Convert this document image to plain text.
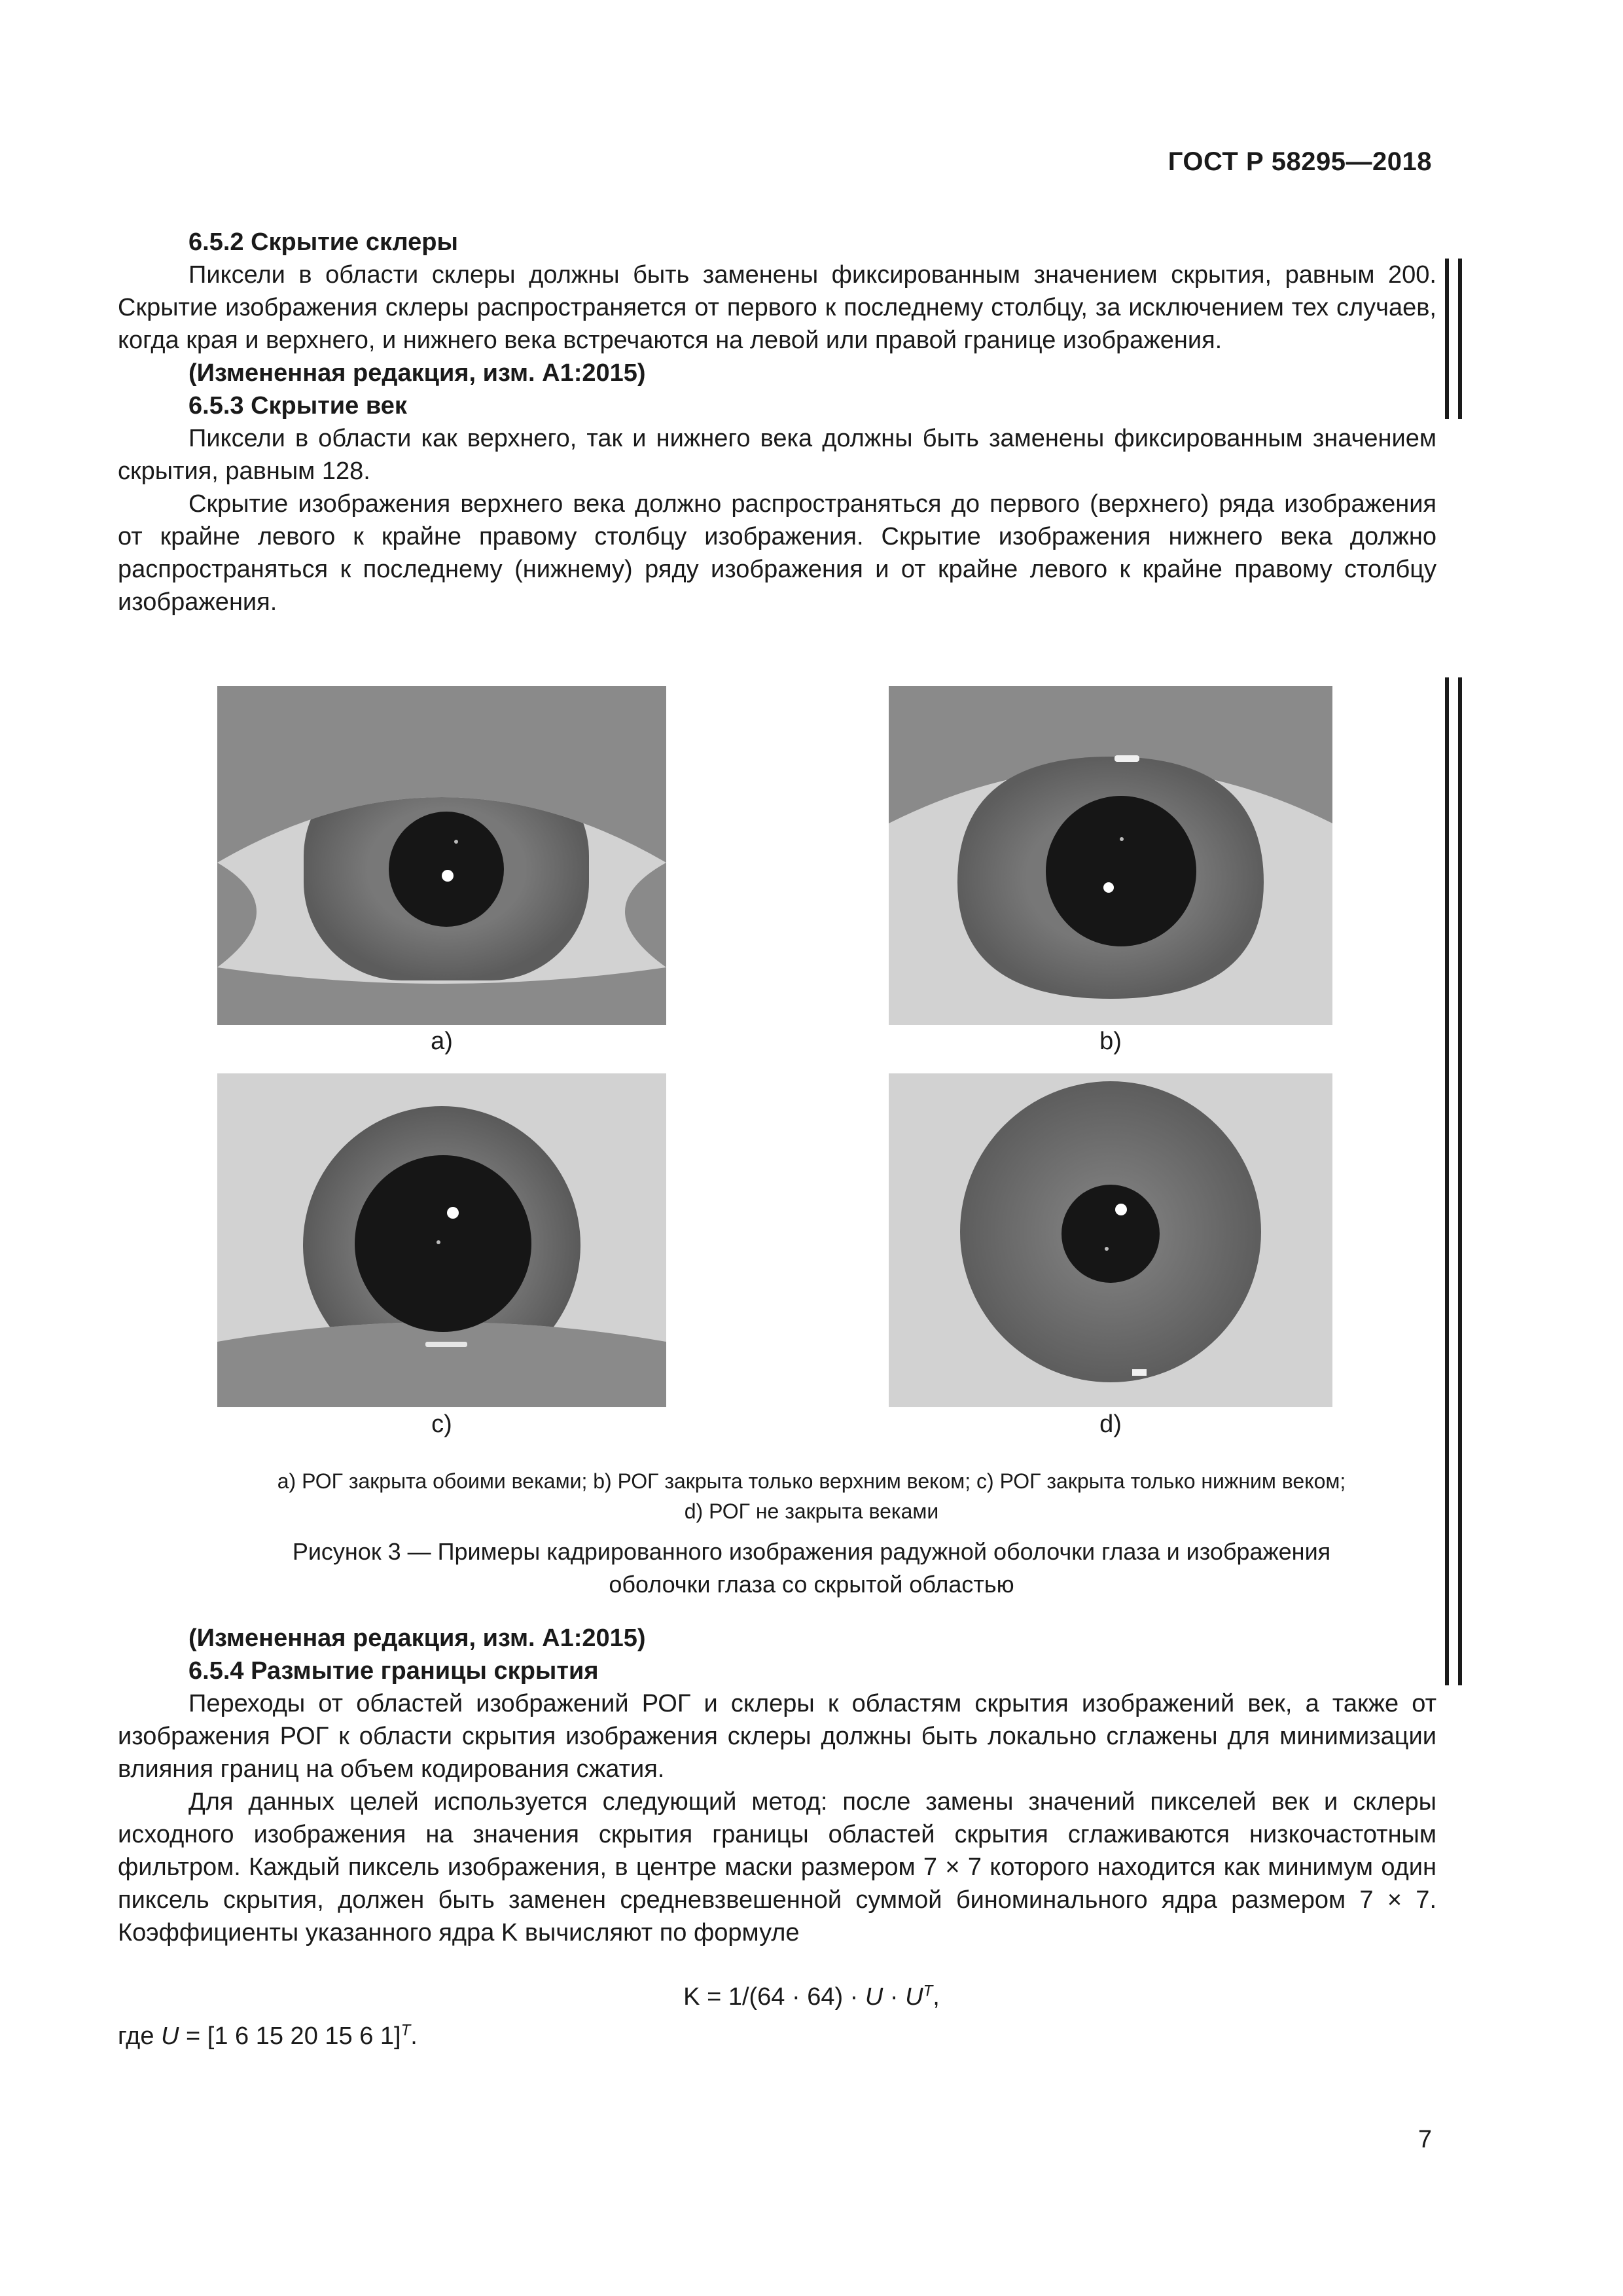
ГОСТ Р 58295—2018

6.5.2 Скрытие склеры

Пиксели в области склеры должны быть заменены фиксированным значением скрытия, равным 200. Скрытие изображения склеры распространяется от первого к последнему столбцу, за исключением тех случаев, когда края и верхнего, и нижнего века встречаются на левой или правой границе изображения.

(Измененная редакция, изм. А1:2015)

6.5.3 Скрытие век

Пиксели в области как верхнего, так и нижнего века должны быть заменены фиксированным значением скрытия, равным 128.

Скрытие изображения верхнего века должно распространяться до первого (верхнего) ряда изображения от крайне левого к крайне правому столбцу изображения. Скрытие изображения нижнего века должно распространяться к последнему (нижнему) ряду изображения и от крайне левого к крайне правому столбцу изображения.

а)	b)
c)	d)
а) РОГ закрыта обоими веками; b) РОГ закрыта только верхним веком; c) РОГ закрыта только нижним веком;
d) РОГ не закрыта веками
Рисунок 3 — Примеры кадрированного изображения радужной оболочки глаза и изображения
оболочки глаза со скрытой областью

(Измененная редакция, изм. А1:2015)

6.5.4 Размытие границы скрытия

Переходы от областей изображений РОГ и склеры к областям скрытия изображений век, а также от изображения РОГ к области скрытия изображения склеры должны быть локально сглажены для минимизации влияния границ на объем кодирования сжатия.

Для данных целей используется следующий метод: после замены значений пикселей век и склеры исходного изображения на значения скрытия границы областей скрытия сглаживаются низкочастотным фильтром. Каждый пиксель изображения, в центре маски размером 7 × 7 которого находится как минимум один пиксель скрытия, должен быть заменен средневзвешенной суммой биноминального ядра размером 7 × 7. Коэффициенты указанного ядра K вычисляют по формуле

$K = 1/(64 \cdot 64) \cdot U \cdot U^T$,
где U = [1 6 15 20 15 6 1]$^T$.
7
